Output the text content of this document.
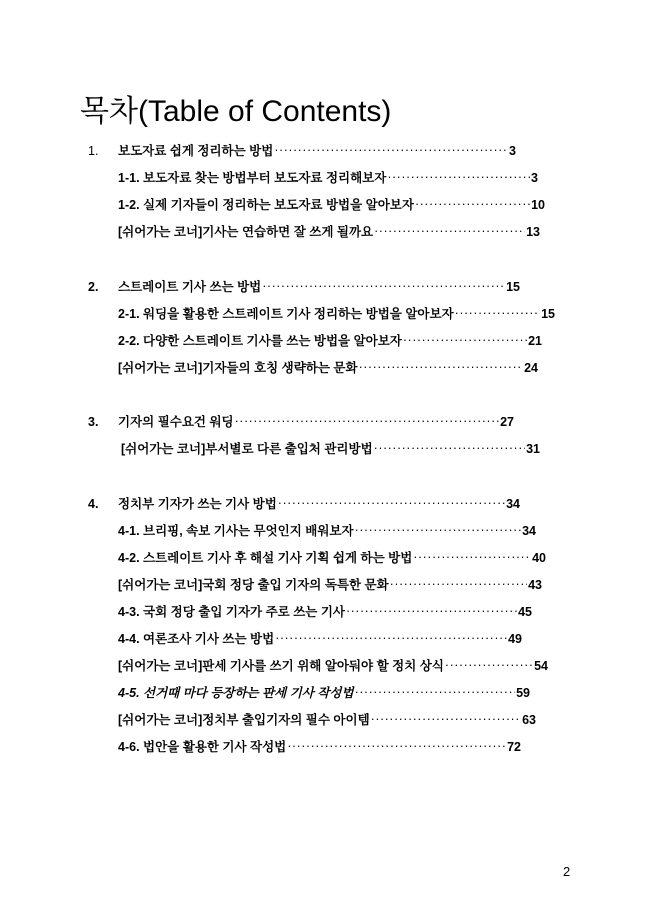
목차(Table of Contents)
1.	보도자료 쉽게 정리하는 방법 ·····	3
1-1. 보도자료 찾는 방법부터 보도자료 정리해보자 ·····	3
1-2. 실제 기자들이 정리하는 보도자료 방법을 알아보자 ·····	10
[쉬어가는 코너]기사는 연습하면 잘 쓰게 될까요 ·····	13
2.	스트레이트 기사 쓰는 방법 ·····	15
2-1. 워딩을 활용한 스트레이트 기사 정리하는 방법을 알아보자 ·····	15
2-2. 다양한 스트레이트 기사를 쓰는 방법을 알아보자 ·····	21
[쉬어가는 코너]기자들의 호칭 생략하는 문화 ·····	24
3.	기자의 필수요건 워딩 ·····	27
[쉬어가는 코너]부서별로 다른 출입처 관리방법 ·····	31
4.	정치부 기자가 쓰는 기사 방법 ·····	34
4-1. 브리핑, 속보 기사는 무엇인지 배워보자 ·····	34
4-2. 스트레이트 기사 후 해설 기사 기획 쉽게 하는 방법 ·····	40
[쉬어가는 코너]국회 정당 출입 기자의 독특한 문화 ·····	43
4-3. 국회 정당 출입 기자가 주로 쓰는 기사 ·····	45
4-4. 여론조사 기사 쓰는 방법 ·····	49
[쉬어가는 코너]판세 기사를 쓰기 위해 알아둬야 할 정치 상식 ·····	54
4-5. 선거때 마다 등장하는 판세 기사 작성법 ·····	59
[쉬어가는 코너]정치부 출입기자의 필수 아이템 ·····	63
4-6. 법안을 활용한 기사 작성법 ·····	72
2
